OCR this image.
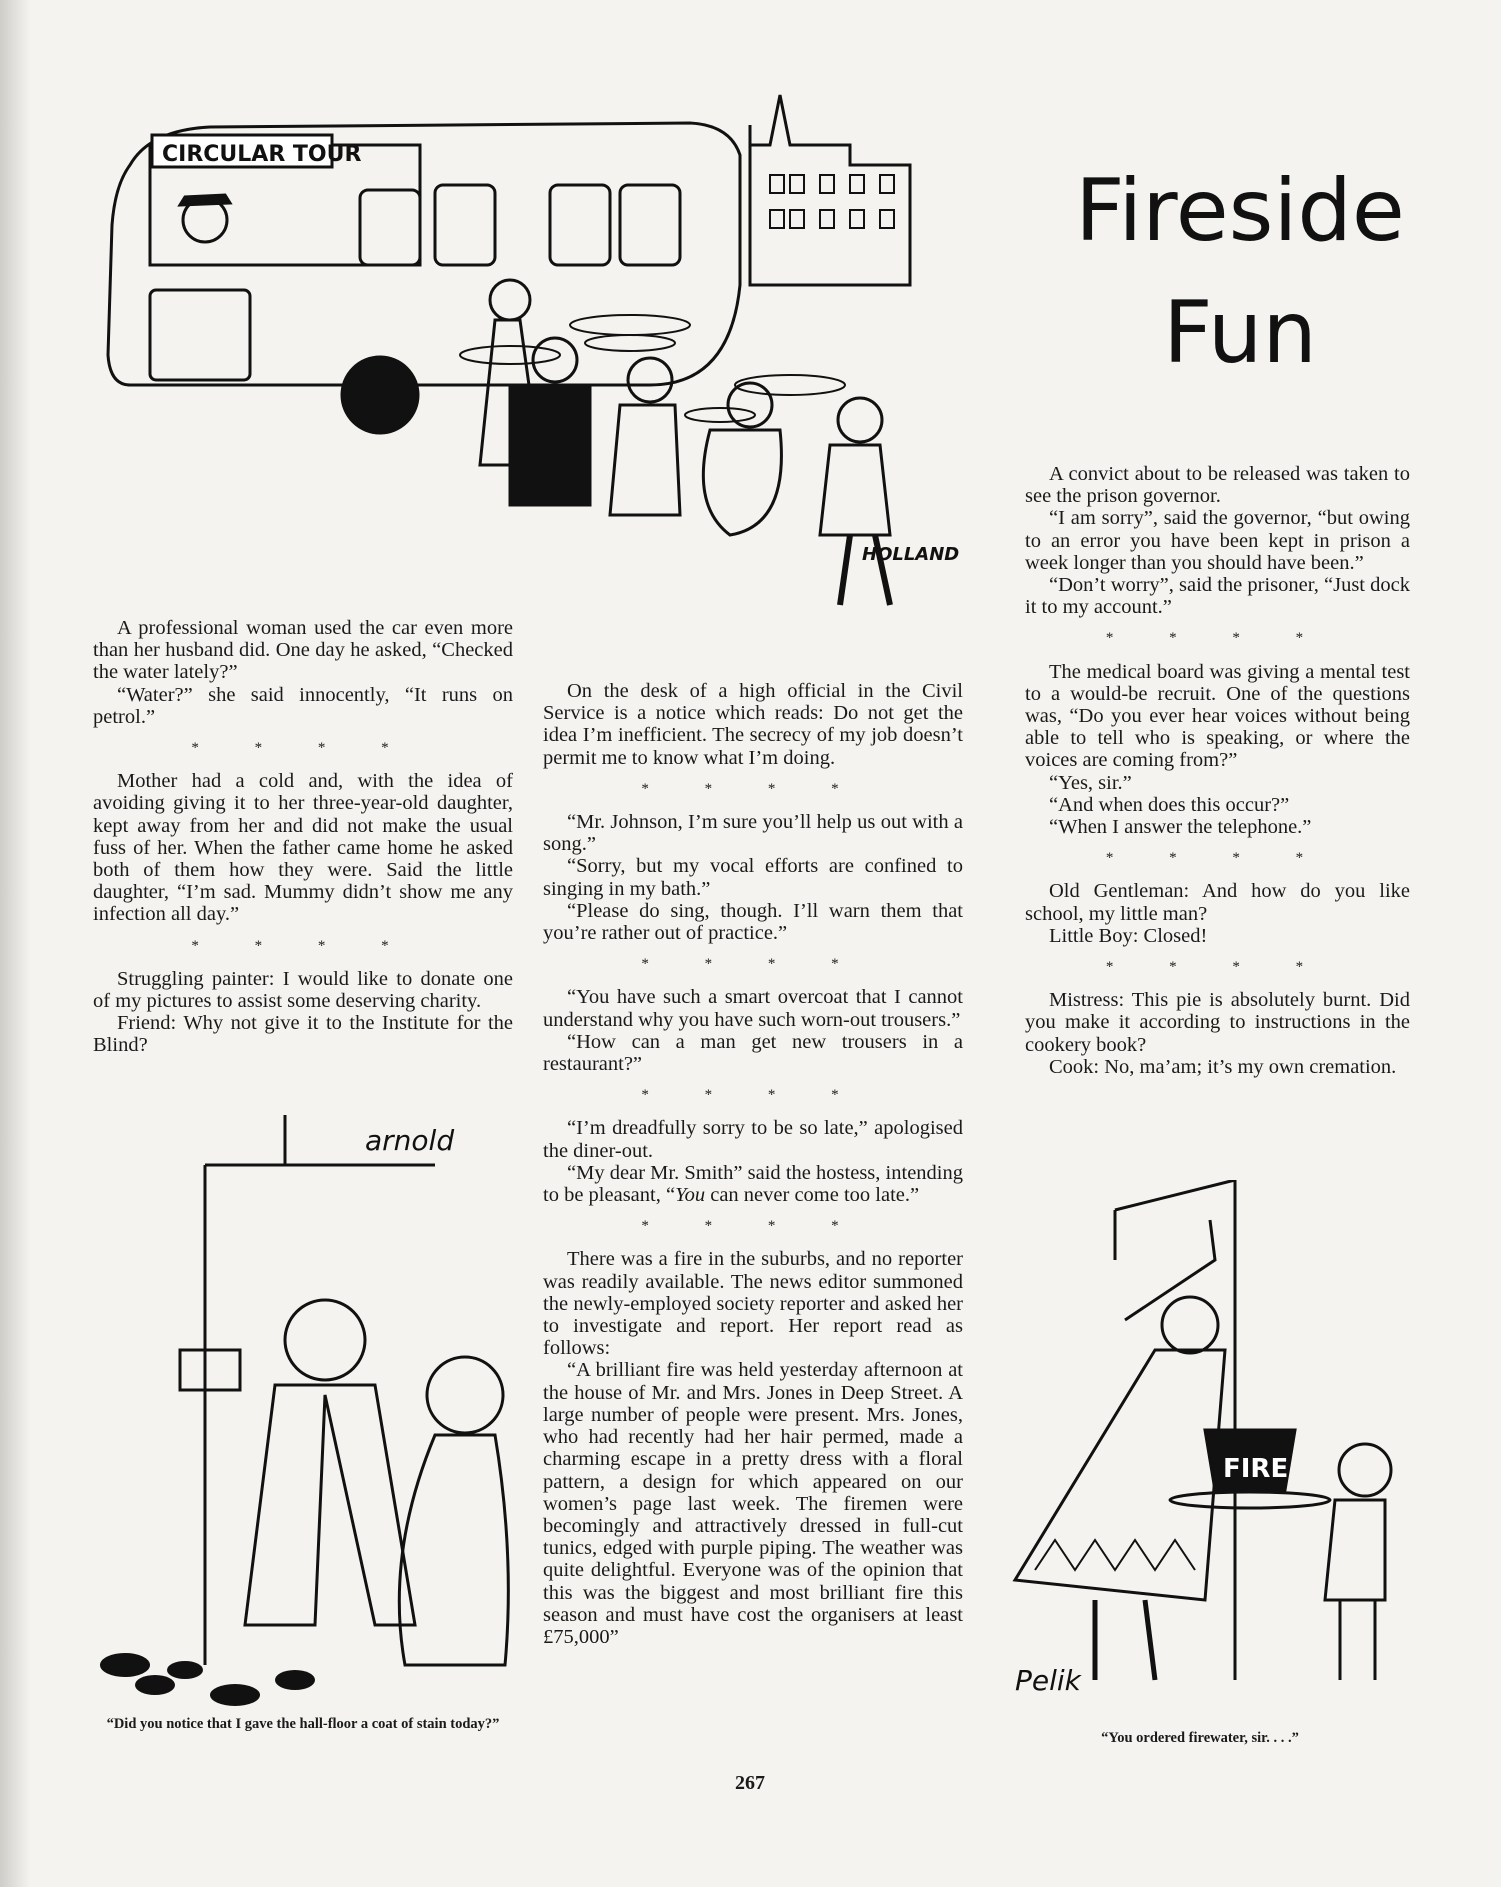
Fireside
Fun
CIRCULAR TOUR
HOLLAND

A professional woman used the car even more than her husband did. One day he asked, “Checked the water lately?”

“Water?” she said innocently, “It runs on petrol.”

* * * *

Mother had a cold and, with the idea of avoiding giving it to her three-year-old daughter, kept away from her and did not make the usual fuss of her. When the father came home he asked both of them how they were. Said the little daughter, “I’m sad. Mummy didn’t show me any infection all day.”

* * * *

Struggling painter: I would like to donate one of my pictures to assist some deserving charity.

Friend: Why not give it to the Institute for the Blind?

arnold
“Did you notice that I gave the hall-floor a coat of stain today?”

On the desk of a high official in the Civil Service is a notice which reads: Do not get the idea I’m inefficient. The secrecy of my job doesn’t permit me to know what I’m doing.

* * * *

“Mr. Johnson, I’m sure you’ll help us out with a song.”

“Sorry, but my vocal efforts are confined to singing in my bath.”

“Please do sing, though. I’ll warn them that you’re rather out of practice.”

* * * *

“You have such a smart overcoat that I cannot understand why you have such worn-out trousers.”

“How can a man get new trousers in a restaurant?”

* * * *

“I’m dreadfully sorry to be so late,” apologised the diner-out.

“My dear Mr. Smith” said the hostess, intending to be pleasant, “You can never come too late.”

* * * *

There was a fire in the suburbs, and no reporter was readily available. The news editor summoned the newly-employed society reporter and asked her to investigate and report. Her report read as follows:

“A brilliant fire was held yesterday afternoon at the house of Mr. and Mrs. Jones in Deep Street. A large number of people were present. Mrs. Jones, who had recently had her hair permed, made a charming escape in a pretty dress with a floral pattern, a design for which appeared on our women’s page last week. The firemen were becomingly and attractively dressed in full-cut tunics, edged with purple piping. The weather was quite delightful. Everyone was of the opinion that this was the biggest and most brilliant fire this season and must have cost the organisers at least £75,000”

A convict about to be released was taken to see the prison governor.

“I am sorry”, said the governor, “but owing to an error you have been kept in prison a week longer than you should have been.”

“Don’t worry”, said the prisoner, “Just dock it to my account.”

* * * *

The medical board was giving a mental test to a would-be recruit. One of the questions was, “Do you ever hear voices without being able to tell who is speaking, or where the voices are coming from?”

“Yes, sir.”

“And when does this occur?”

“When I answer the telephone.”

* * * *

Old Gentleman: And how do you like school, my little man?

Little Boy: Closed!

* * * *

Mistress: This pie is absolutely burnt. Did you make it according to instructions in the cookery book?

Cook: No, ma’am; it’s my own cremation.

FIRE
Pelik
“You ordered firewater, sir. . . .”
267
